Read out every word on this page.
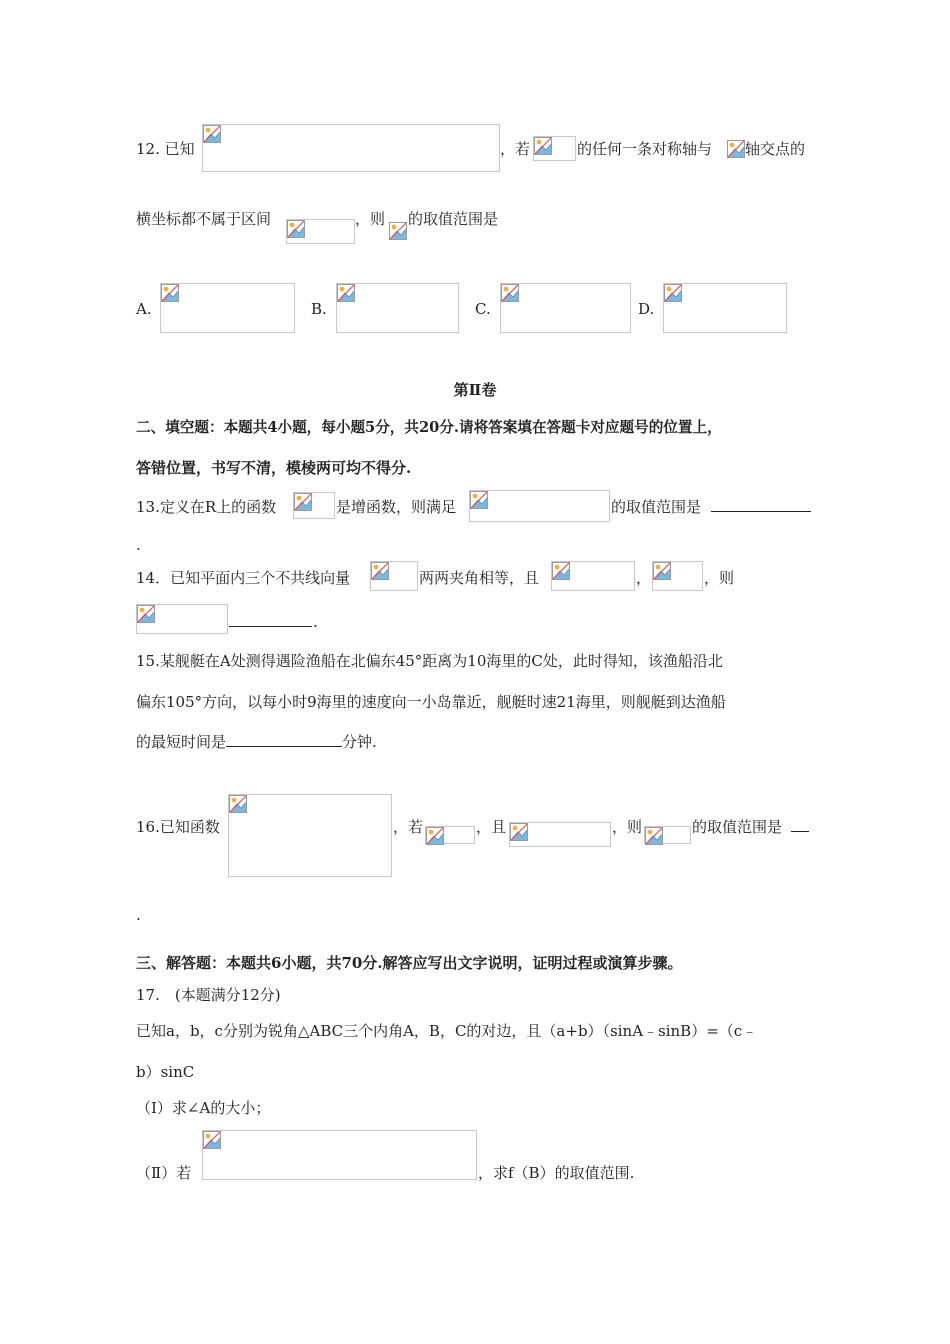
12. 已知	，若	的任何一条对称轴与 轴交点的
横坐标都不属于区间	，则 的取值范围是
A.	B.	C.	D.
第Ⅱ卷
二、填空题：本题共4小题，每小题5分，共20分.请将答案填在答题卡对应题号的位置上，
答错位置，书写不清，模棱两可均不得分.
13.定义在R上的函数	是增函数，则满足	的取值范围是
.
14．已知平面内三个不共线向量	两两夹角相等，且	，	，则
.
15.某舰艇在A处测得遇险渔船在北偏东45°距离为10海里的C处，此时得知，该渔船沿北
偏东105°方向，以每小时9海里的速度向一小岛靠近，舰艇时速21海里，则舰艇到达渔船
的最短时间是	分钟.
16.已知函数	，若	，且	，则	的取值范围是
.
三、解答题：本题共6小题，共70分.解答应写出文字说明，证明过程或演算步骤。
17.　(本题满分12分)
已知a，b，c分别为锐角△ABC三个内角A，B，C的对边，且（a+b）（sinA﹣sinB）=（c﹣
b）sinC
（Ⅰ）求∠A的大小；
（Ⅱ）若	，求f（B）的取值范围.
